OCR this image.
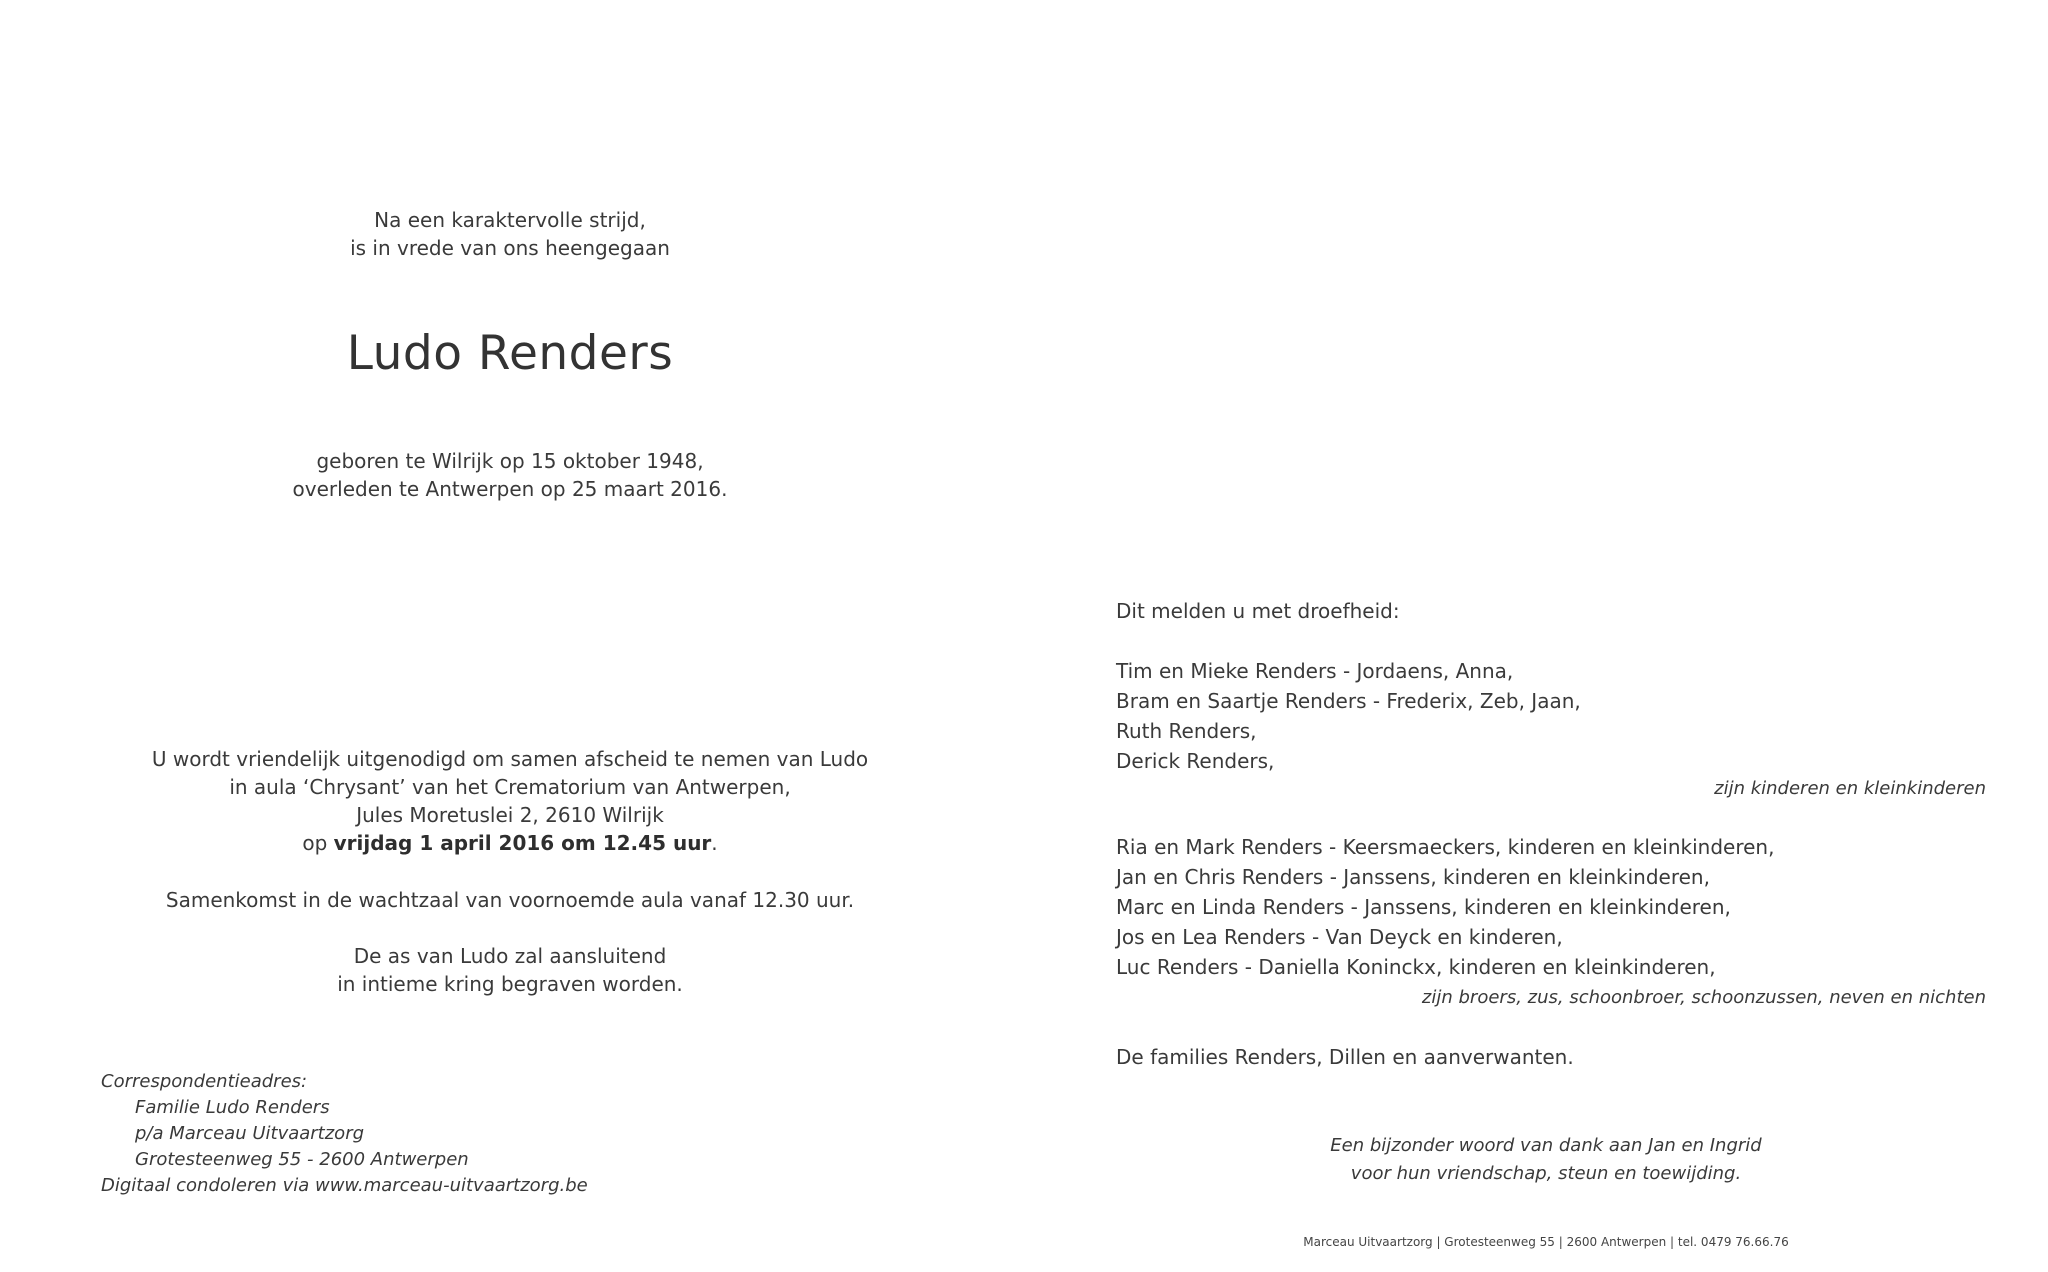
Na een karaktervolle strijd,
is in vrede van ons heengegaan
Ludo Renders
geboren te Wilrijk op 15 oktober 1948,
overleden te Antwerpen op 25 maart 2016.
U wordt vriendelijk uitgenodigd om samen afscheid te nemen van Ludo
in aula ‘Chrysant’ van het Crematorium van Antwerpen,
Jules Moretuslei 2, 2610 Wilrijk
op vrijdag 1 april 2016 om 12.45 uur.
Samenkomst in de wachtzaal van voornoemde aula vanaf 12.30 uur.
De as van Ludo zal aansluitend
in intieme kring begraven worden.
Correspondentieadres:
Familie Ludo Renders
p/a Marceau Uitvaartzorg
Grotesteenweg 55 - 2600 Antwerpen
Digitaal condoleren via www.marceau-uitvaartzorg.be
Dit melden u met droefheid:
Tim en Mieke Renders - Jordaens, Anna,
Bram en Saartje Renders - Frederix, Zeb, Jaan,
Ruth Renders,
Derick Renders,
zijn kinderen en kleinkinderen
Ria en Mark Renders - Keersmaeckers, kinderen en kleinkinderen,
Jan en Chris Renders - Janssens, kinderen en kleinkinderen,
Marc en Linda Renders - Janssens, kinderen en kleinkinderen,
Jos en Lea Renders - Van Deyck en kinderen,
Luc Renders - Daniella Koninckx, kinderen en kleinkinderen,
zijn broers, zus, schoonbroer, schoonzussen, neven en nichten
De families Renders, Dillen en aanverwanten.
Een bijzonder woord van dank aan Jan en Ingrid
voor hun vriendschap, steun en toewijding.
Marceau Uitvaartzorg | Grotesteenweg 55 | 2600 Antwerpen | tel. 0479 76.66.76
